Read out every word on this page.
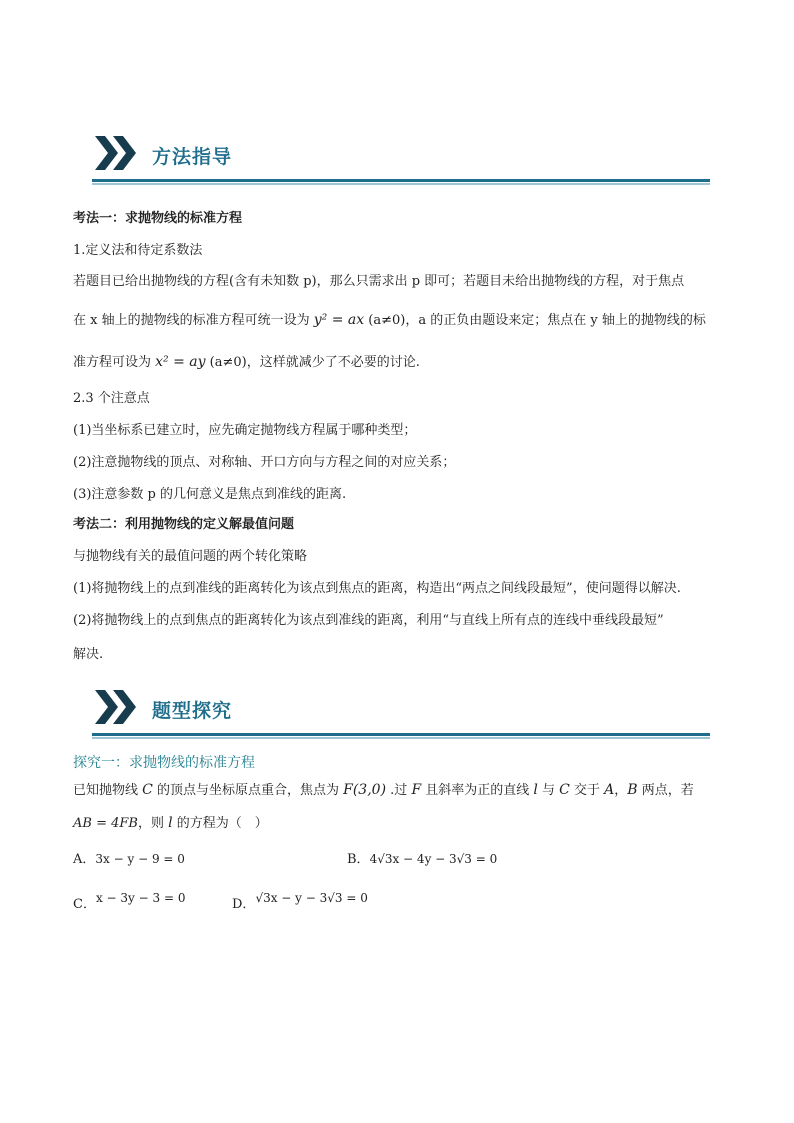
方法指导
考法一：求抛物线的标准方程
1.定义法和待定系数法
若题目已给出抛物线的方程(含有未知数 p)，那么只需求出 p 即可；若题目未给出抛物线的方程，对于焦点
在 x 轴上的抛物线的标准方程可统一设为 y² = ax (a≠0)，a 的正负由题设来定；焦点在 y 轴上的抛物线的标
准方程可设为 x² = ay (a≠0)，这样就减少了不必要的讨论.
2.3 个注意点
(1)当坐标系已建立时，应先确定抛物线方程属于哪种类型；
(2)注意抛物线的顶点、对称轴、开口方向与方程之间的对应关系；
(3)注意参数 p 的几何意义是焦点到准线的距离.
考法二：利用抛物线的定义解最值问题
与抛物线有关的最值问题的两个转化策略
(1)将抛物线上的点到准线的距离转化为该点到焦点的距离，构造出“两点之间线段最短”，使问题得以解决.
(2)将抛物线上的点到焦点的距离转化为该点到准线的距离，利用“与直线上所有点的连线中垂线段最短”
解决.
题型探究
探究一：求抛物线的标准方程
已知抛物线 C 的顶点与坐标原点重合，焦点为 F(3,0) .过 F 且斜率为正的直线 l 与 C 交于 A，B 两点，若
AB = 4FB，则 l 的方程为（　）
A．3x − y − 9 = 0	B．4√3x − 4y − 3√3 = 0
C．x − 3y − 3 = 0	D．√3x − y − 3√3 = 0
